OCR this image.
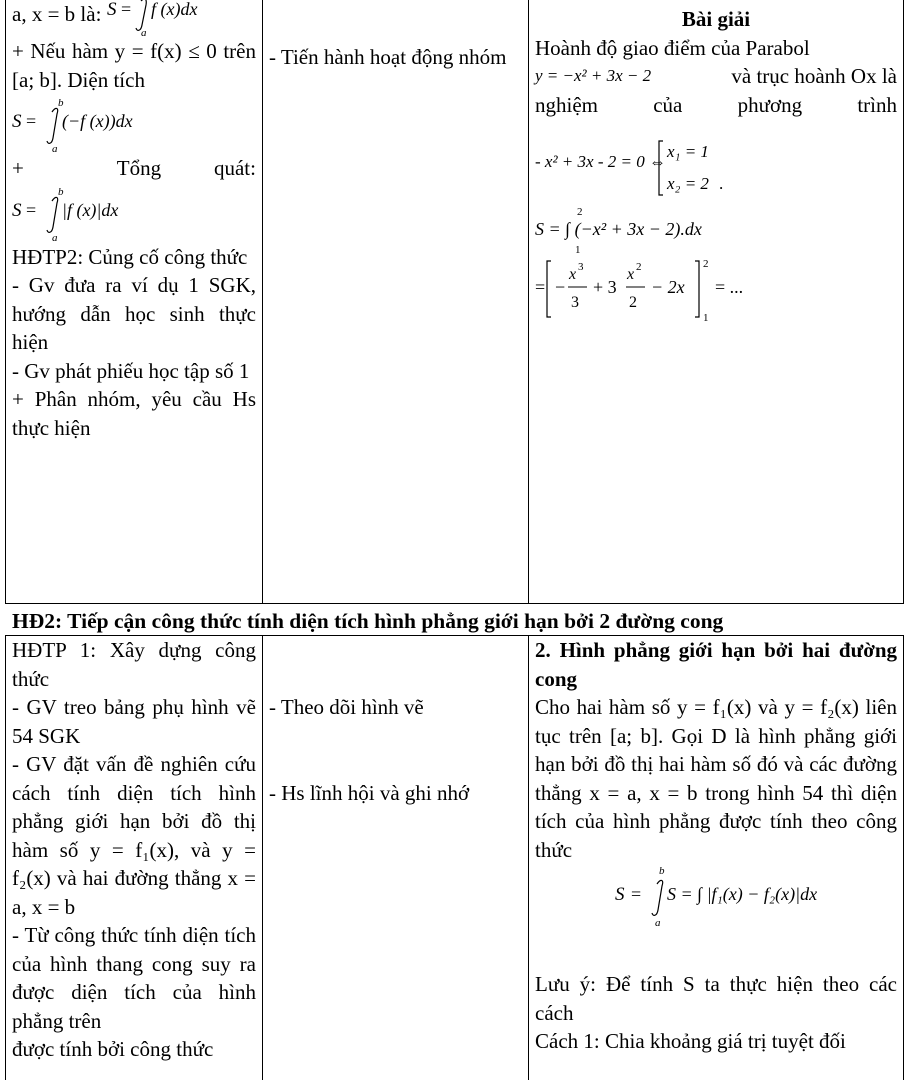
a, x = b là: S =
a
f (x)dx
+ Nếu hàm y = f(x) ≤ 0 trên [a; b]. Diện tích
b
S =
a
(−f (x))dx
+	Tổng	quát:
b
S =
a
|f (x)|dx
HĐTP2: Củng cố công thức
- Gv đưa ra ví dụ 1 SGK, hướng dẫn học sinh thực hiện
- Gv phát phiếu học tập số 1
+ Phân nhóm, yêu cầu Hs thực hiện

- Tiến hành hoạt động nhóm

Bài giải
Hoành độ giao điểm của Parabol
y = −x² + 3x − 2	và trục hoành Ox là
nghiệm	của	phương	trình
- x² + 3x - 2 = 0 ⇔
x₁ = 1
x₂ = 2 .
2
S = ∫ (−x² + 3x − 2).dx
1
= −
x 3
3
+ 3
x 2
2
− 2x
2
1
= ...
HĐ2: Tiếp cận công thức tính diện tích hình phẳng giới hạn bởi 2 đường cong
HĐTP 1: Xây dựng công thức
- GV treo bảng phụ hình vẽ 54 SGK
- GV đặt vấn đề nghiên cứu cách tính diện tích hình phẳng giới hạn bởi đồ thị hàm số y = f₁(x), và y = f₂(x) và hai đường thẳng x = a, x = b
- Từ công thức tính diện tích của hình thang cong suy ra được diện tích của hình phẳng trên
được tính bởi công thức

- Theo dõi hình vẽ
- Hs lĩnh hội và ghi nhớ

2. Hình phẳng giới hạn bởi hai đường cong
Cho hai hàm số y = f₁(x) và y = f₂(x) liên tục trên [a; b]. Gọi D là hình phẳng giới hạn bởi đồ thị hai hàm số đó và các đường thẳng x = a, x = b trong hình 54 thì diện tích của hình phẳng được tính theo công thức
b
S =
a
S = ∫ |f₁(x) − f₂(x)|dx
Lưu ý: Để tính S ta thực hiện theo các cách
Cách 1: Chia khoảng giá trị tuyệt đối
